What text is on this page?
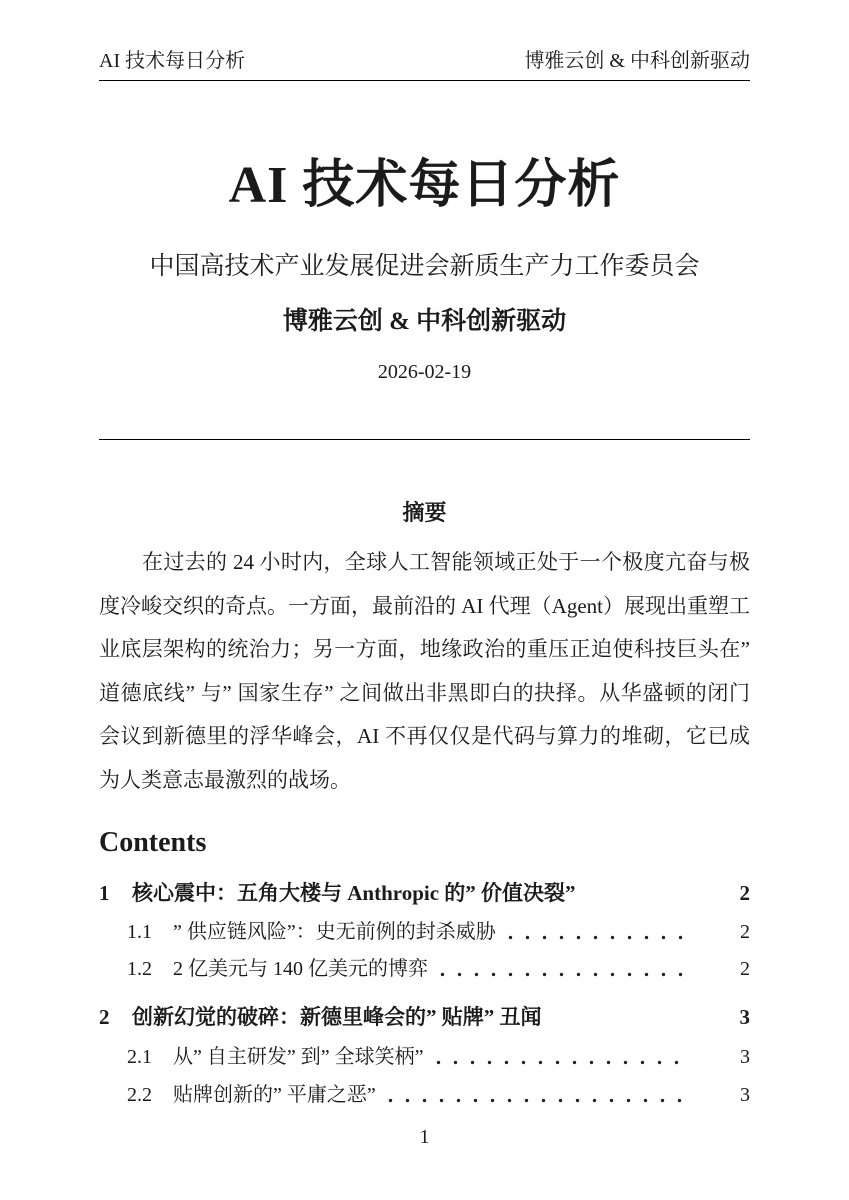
AI 技术每日分析	博雅云创 & 中科创新驱动
AI 技术每日分析
中国高技术产业发展促进会新质生产力工作委员会
博雅云创 & 中科创新驱动
2026-02-19
摘要
在过去的 24 小时内，全球人工智能领域正处于一个极度亢奋与极度冷峻交织的奇点。一方面，最前沿的 AI 代理（Agent）展现出重塑工业底层架构的统治力；另一方面，地缘政治的重压正迫使科技巨头在” 道德底线” 与” 国家生存” 之间做出非黑即白的抉择。从华盛顿的闭门会议到新德里的浮华峰会，AI 不再仅仅是代码与算力的堆砌，它已成为人类意志最激烈的战场。
Contents
1	核心震中：五角大楼与 Anthropic 的” 价值决裂”	2
1.1	” 供应链风险”：史无前例的封杀威胁	2
1.2	2 亿美元与 140 亿美元的博弈	2
2	创新幻觉的破碎：新德里峰会的” 贴牌” 丑闻	3
2.1	从” 自主研发” 到” 全球笑柄”	3
2.2	贴牌创新的” 平庸之恶”	3
1
